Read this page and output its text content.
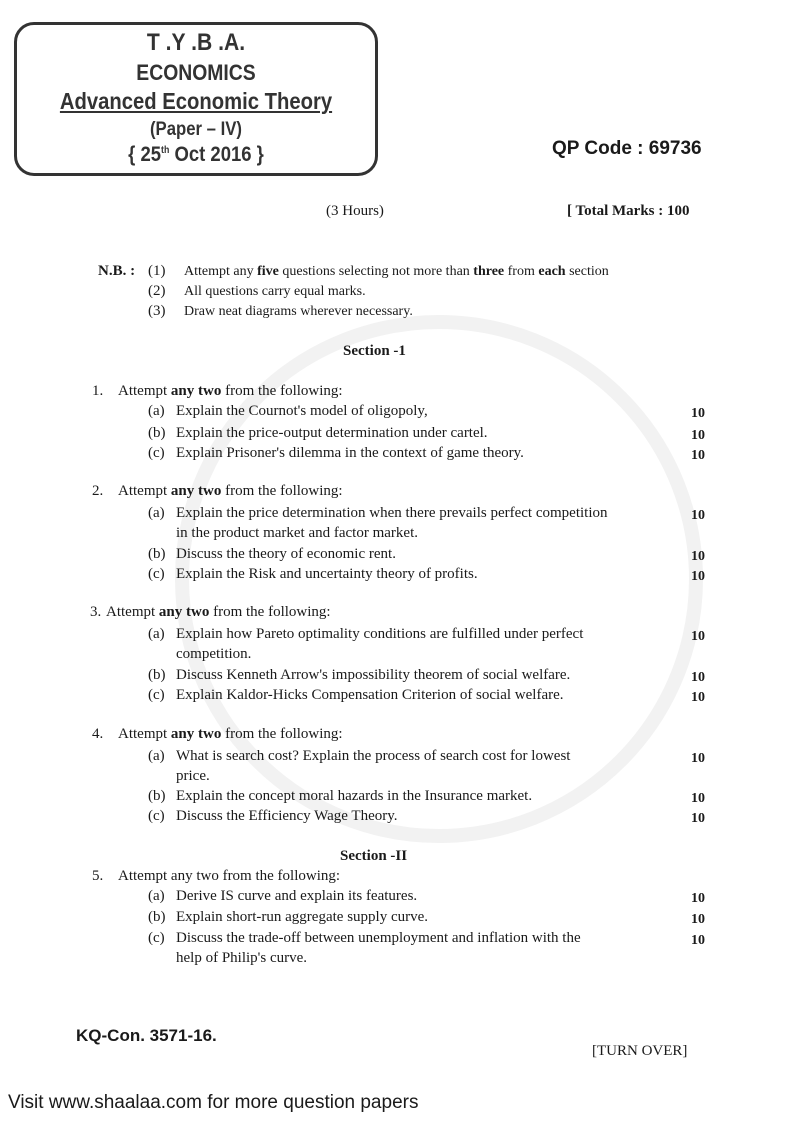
T .Y .B .A.
ECONOMICS
Advanced Economic Theory
(Paper – IV)
{ 25th Oct 2016 }	QP Code : 69736
(3 Hours)	[ Total Marks : 100
N.B. : (1) Attempt any five questions selecting not more than three from each section
(2) All questions carry equal marks.
(3) Draw neat diagrams wherever necessary.
Section -1
Section -II
1. Attempt any two from the following:
(a) Explain the Cournot's model of oligopoly,	10
(b) Explain the price-output determination under cartel.	10
(c) Explain Prisoner's dilemma in the context of game theory.	10
2. Attempt any two from the following:
(a) Explain the price determination when there prevails perfect competition
in the product market and factor market.
10
(b) Discuss the theory of economic rent.	10
(c) Explain the Risk and uncertainty theory of profits.	10
3. Attempt any two from the following:
(a) Explain how Pareto optimality conditions are fulfilled under perfect
competition.
10
(b) Discuss Kenneth Arrow's impossibility theorem of social welfare.	10
(c) Explain Kaldor-Hicks Compensation Criterion of social welfare.	10
4. Attempt any two from the following:
(a) What is search cost? Explain the process of search cost for lowest
price.
10
(b) Explain the concept moral hazards in the Insurance market.	10
(c) Discuss the Efficiency Wage Theory.	10
5. Attempt any two from the following:
(a) Derive IS curve and explain its features.	10
(b) Explain short-run aggregate supply curve.	10
(c) Discuss the trade-off between unemployment and inflation with the
help of Philip's curve.
10
KQ-Con. 3571-16.
[TURN OVER]
Visit www.shaalaa.com for more question papers
